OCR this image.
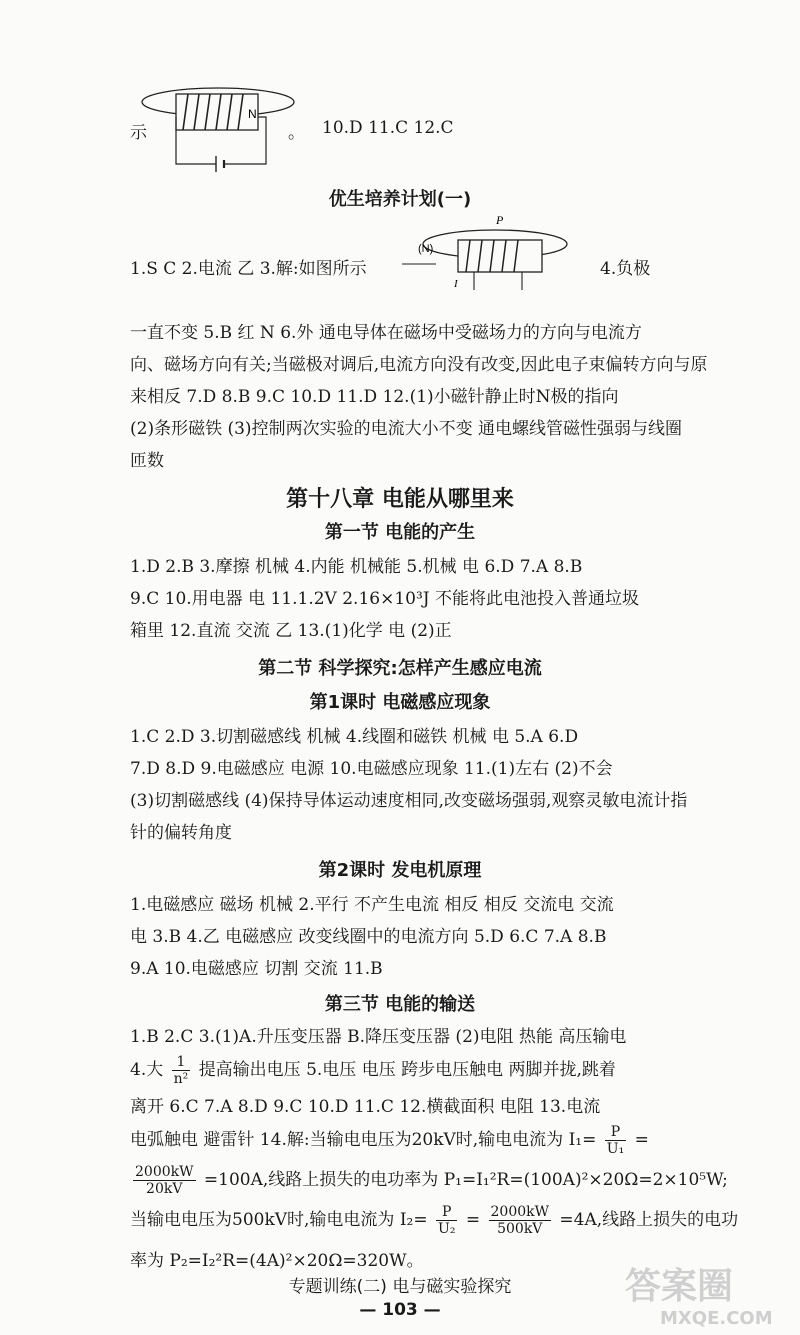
示
N
。 10.D 11.C 12.C
优生培养计划(一)
1.S C 2.电流 乙 3.解:如图所示
P
(N)
I
4.负极
一直不变 5.B 红 N 6.外 通电导体在磁场中受磁场力的方向与电流方
向、磁场方向有关;当磁极对调后,电流方向没有改变,因此电子束偏转方向与原
来相反 7.D 8.B 9.C 10.D 11.D 12.(1)小磁针静止时N极的指向
(2)条形磁铁 (3)控制两次实验的电流大小不变 通电螺线管磁性强弱与线圈
匝数
第十八章 电能从哪里来
第一节 电能的产生
1.D 2.B 3.摩擦 机械 4.内能 机械能 5.机械 电 6.D 7.A 8.B
9.C 10.用电器 电 11.1.2V 2.16×10³J 不能将此电池投入普通垃圾
箱里 12.直流 交流 乙 13.(1)化学 电 (2)正
第二节 科学探究:怎样产生感应电流
第1课时 电磁感应现象
1.C 2.D 3.切割磁感线 机械 4.线圈和磁铁 机械 电 5.A 6.D
7.D 8.D 9.电磁感应 电源 10.电磁感应现象 11.(1)左右 (2)不会
(3)切割磁感线 (4)保持导体运动速度相同,改变磁场强弱,观察灵敏电流计指
针的偏转角度
第2课时 发电机原理
1.电磁感应 磁场 机械 2.平行 不产生电流 相反 相反 交流电 交流
电 3.B 4.乙 电磁感应 改变线圈中的电流方向 5.D 6.C 7.A 8.B
9.A 10.电磁感应 切割 交流 11.B
第三节 电能的输送
1.B 2.C 3.(1)A.升压变压器 B.降压变压器 (2)电阻 热能 高压输电
4.大 $\frac{1}{\text{n²}}$ 提高输出电压 5.电压 电压 跨步电压触电 两脚并拢,跳着
离开 6.C 7.A 8.D 9.C 10.D 11.C 12.横截面积 电阻 13.电流
电弧触电 避雷针 14.解:当输电电压为20kV时,输电电流为 $I_1= \frac{P}{\text{U₁}}$ =
$\frac{2000kW}{20kV} =100A$,线路上损失的电功率为 P₁=I₁²R=(100A)²×20Ω=2×10⁵W;
当输电电压为500kV时,输电电流为 $I_2= \frac{P}{\text{U₂}} = \frac{2000kW}{500kV} =4A$,线路上损失的电功
率为 P₂=I₂²R=(4A)²×20Ω=320W。
专题训练(二) 电与磁实验探究
— 103 —
答案圈
MXQE.COM
